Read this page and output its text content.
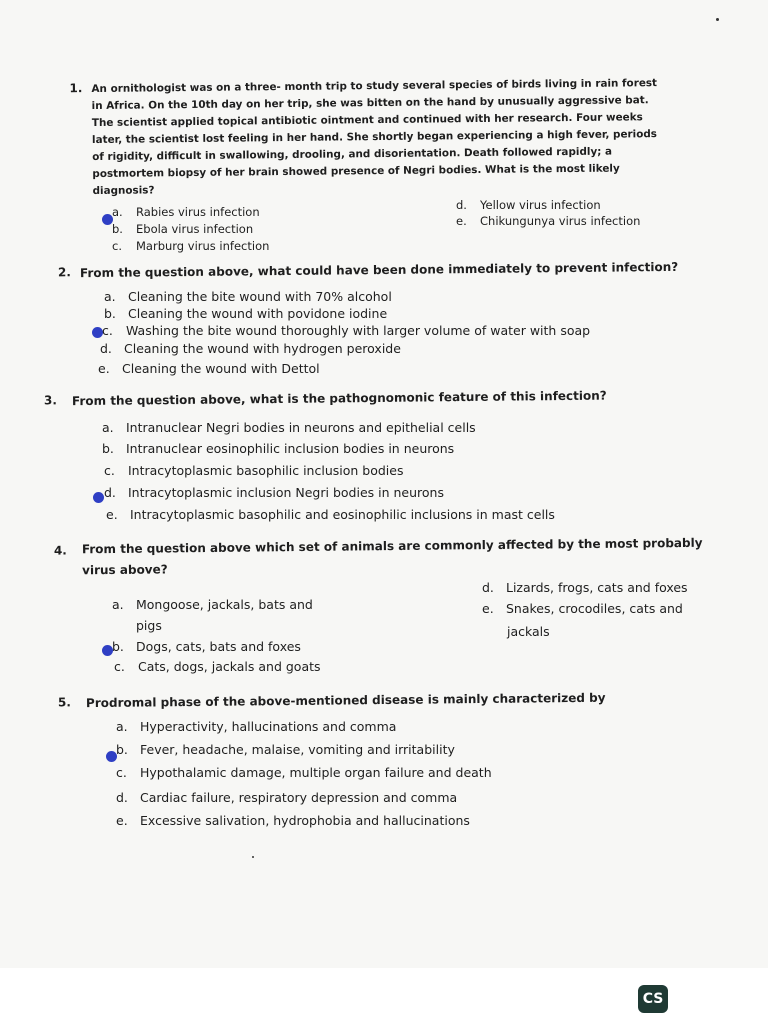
1. An ornithologist was on a three- month trip to study several species of birds living in rain forest in Africa. On the 10th day on her trip, she was bitten on the hand by unusually aggressive bat. The scientist applied topical antibiotic ointment and continued with her research. Four weeks later, the scientist lost feeling in her hand. She shortly began experiencing a high fever, periods of rigidity, difficult in swallowing, drooling, and disorientation. Death followed rapidly; a postmortem biopsy of her brain showed presence of Negri bodies. What is the most likely diagnosis?

a. Rabies virus infection
b. Ebola virus infection
c. Marburg virus infection
d. Yellow virus infection
e. Chikungunya virus infection
2. From the question above, what could have been done immediately to prevent infection?

a. Cleaning the bite wound with 70% alcohol
b. Cleaning the wound with povidone iodine
c. Washing the bite wound thoroughly with larger volume of water with soap
d. Cleaning the wound with hydrogen peroxide
e. Cleaning the wound with Dettol
3. From the question above, what is the pathognomonic feature of this infection?

a. Intranuclear Negri bodies in neurons and epithelial cells
b. Intranuclear eosinophilic inclusion bodies in neurons
c. Intracytoplasmic basophilic inclusion bodies
d. Intracytoplasmic inclusion Negri bodies in neurons
e. Intracytoplasmic basophilic and eosinophilic inclusions in mast cells
4. From the question above which set of animals are commonly affected by the most probably virus above?

a. Mongoose, jackals, bats and
pigs
b. Dogs, cats, bats and foxes
c. Cats, dogs, jackals and goats
d. Lizards, frogs, cats and foxes
e. Snakes, crocodiles, cats and
jackals
5. Prodromal phase of the above-mentioned disease is mainly characterized by

a. Hyperactivity, hallucinations and comma
b. Fever, headache, malaise, vomiting and irritability
c. Hypothalamic damage, multiple organ failure and death
d. Cardiac failure, respiratory depression and comma
e. Excessive salivation, hydrophobia and hallucinations
CS
